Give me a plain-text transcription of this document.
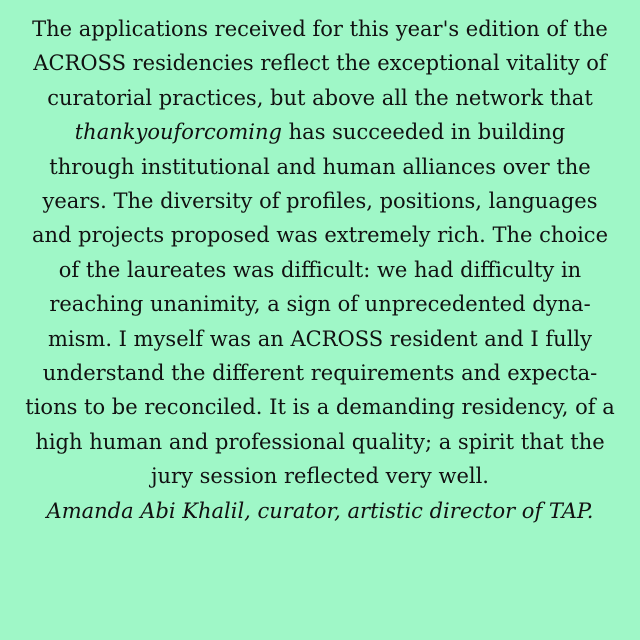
The applications received for this year's edition of the
ACROSS residencies reflect the exceptional vitality of
curatorial practices, but above all the network that
thankyouforcoming has succeeded in building
through institutional and human alliances over the
years. The diversity of profiles, positions, languages
and projects proposed was extremely rich. The choice
of the laureates was difficult: we had difficulty in
reaching unanimity, a sign of unprecedented dyna-
mism. I myself was an ACROSS resident and I fully
understand the different requirements and expecta-
tions to be reconciled. It is a demanding residency, of a
high human and professional quality; a spirit that the
jury session reflected very well.
Amanda Abi Khalil, curator, artistic director of TAP.
